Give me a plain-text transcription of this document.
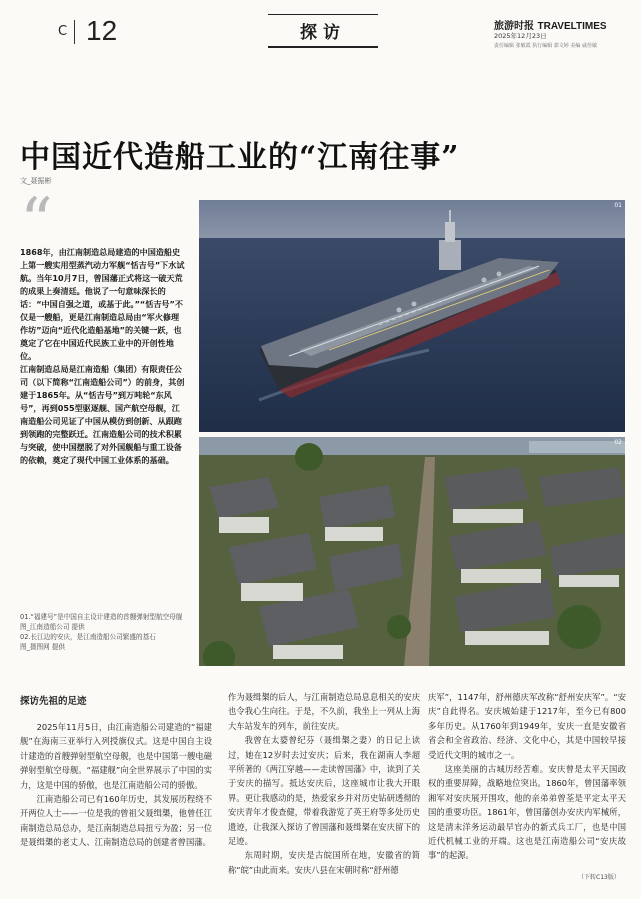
C 12	探访	旅游时报 TRAVELTIMES
2025年12月23日
责任编辑 张敏霞 执行编辑 郭文婷 美编 戚佳敏
中国近代造船工业的“江南往事”
文_聂振彬
“

1868年，由江南制造总局建造的中国造船史上第一艘实用型蒸汽动力军舰“恬吉号”下水试航。当年10月7日，曾国藩正式将这一破天荒的成果上奏清廷。他说了一句意味深长的话：“中国自强之道，或基于此。”“恬吉号”不仅是一艘船，更是江南制造总局由“军火修理作坊”迈向“近代化造船基地”的关键一跃，也奠定了它在中国近代民族工业中的开创性地位。

江南制造总局是江南造船（集团）有限责任公司（以下简称“江南造船公司”）的前身，其创建于1865年。从“恬吉号”到万吨轮“东风号”，再到055型驱逐舰、国产航空母舰，江南造船公司见证了中国从模仿到创新、从跟跑到领跑的完整跃迁。江南造船公司的技术积累与突破，使中国摆脱了对外国舰船与重工设备的依赖，奠定了现代中国工业体系的基础。

01
02
01.“福建号”是中国自主设计建造的首艘弹射型航空母舰
图_江南造船公司 提供
02.长江边的安庆，是江南造船公司繁盛的基石
图_摄图网 提供
探访先祖的足迹

2025年11月5日，由江南造船公司建造的“福建舰”在海南三亚举行入列授旗仪式。这是中国自主设计建造的首艘弹射型航空母舰，也是中国第一艘电磁弹射型航空母舰。“福建舰”向全世界展示了中国的实力，这是中国的骄傲，也是江南造船公司的骄傲。

江南造船公司已有160年历史，其发展历程绕不开两位人士——一位是我的曾祖父聂缉槼，他曾任江南制造总局总办，是江南制造总局扭亏为盈；另一位是聂缉槼的老丈人、江南制造总局的创建者曾国藩。

作为聂缉槼的后人，与江南制造总局息息相关的安庆也令我心生向往。于是，不久前，我坐上一列从上海大车站发车的列车，前往安庆。

我曾在太婆曾纪芬（聂缉槼之妻）的日记上读过，她在12岁时去过安庆；后来，我在湖南人李超平所著的《两江穿越——走读曾国藩》中，读到了关于安庆的描写。抵达安庆后，这座城市让我大开眼界。更让我感动的是，热爱家乡并对历史钻研透彻的安庆青年才俊查健，带着我游览了英王府等多处历史遗迹，让我深入探访了曾国藩和聂缉槼在安庆留下的足迹。

东周时期，安庆是古皖国所在地，安徽省的简称“皖”由此而来。安庆八县在宋朝时称“舒州德

庆军”，1147年，舒州德庆军改称“舒州安庆军”。“安庆”自此得名。安庆城始建于1217年，至今已有800多年历史。从1760年到1949年，安庆一直是安徽省省会和全省政治、经济、文化中心，其是中国较早接受近代文明的城市之一。

这座美丽的古城历经苦难。安庆曾是太平天国政权的重要屏障，战略地位突出。1860年，曾国藩率领湘军对安庆展开围攻，他的亲弟弟曾荃是平定太平天国的重要功臣。1861年，曾国藩创办安庆内军械所，这是清末洋务运动最早官办的新式兵工厂，也是中国近代机械工业的开端。这也是江南造船公司“安庆故事”的起源。

（下转C13版）
